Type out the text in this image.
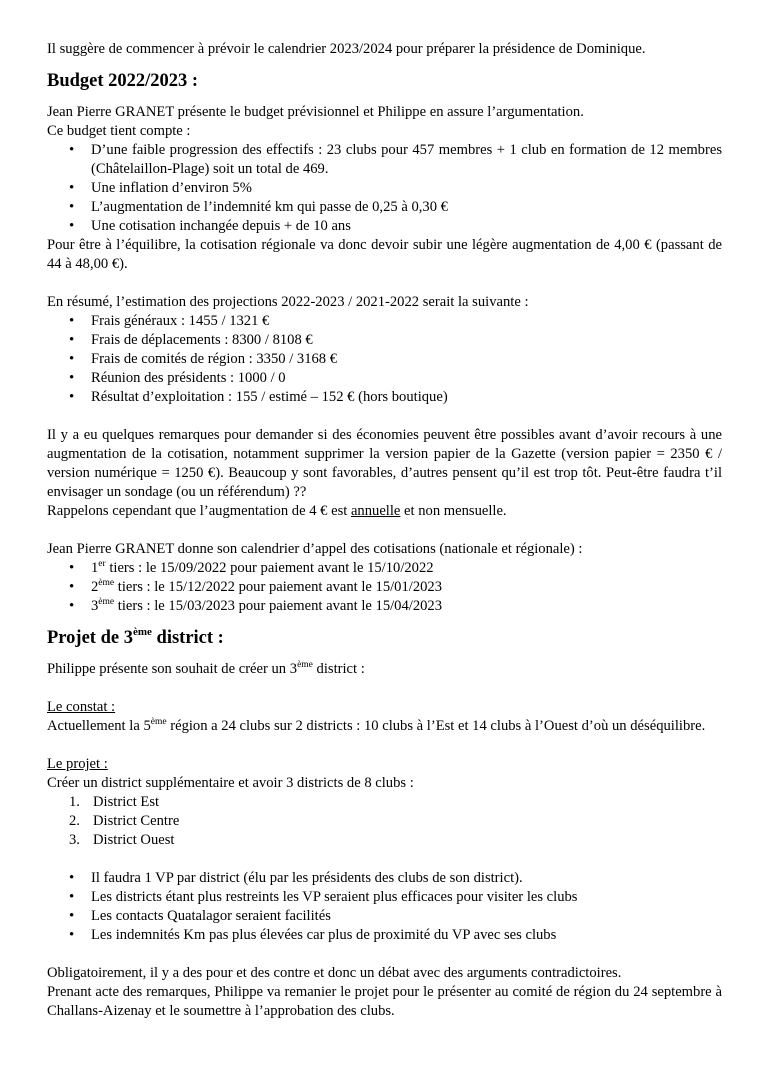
Il suggère de commencer à prévoir le calendrier 2023/2024 pour préparer la présidence de Dominique.

Budget 2022/2023 :

Jean Pierre GRANET présente le budget prévisionnel et Philippe en assure l’argumentation.

Ce budget tient compte :

• D’une faible progression des effectifs : 23 clubs pour 457 membres + 1 club en formation de 12 membres (Châtelaillon-Plage) soit un total de 469.
• Une inflation d’environ 5%
• L’augmentation de l’indemnité km qui passe de 0,25 à 0,30 €
• Une cotisation inchangée depuis + de 10 ans

Pour être à l’équilibre, la cotisation régionale va donc devoir subir une légère augmentation de 4,00 € (passant de 44 à 48,00 €).

En résumé, l’estimation des projections 2022-2023 / 2021-2022 serait la suivante :

• Frais généraux : 1455 / 1321 €
• Frais de déplacements : 8300 / 8108 €
• Frais de comités de région : 3350 / 3168 €
• Réunion des présidents : 1000 / 0
• Résultat d’exploitation : 155 / estimé – 152 € (hors boutique)

Il y a eu quelques remarques pour demander si des économies peuvent être possibles avant d’avoir recours à une augmentation de la cotisation, notamment supprimer la version papier de la Gazette (version papier = 2350 € / version numérique = 1250 €). Beaucoup y sont favorables, d’autres pensent qu’il est trop tôt. Peut-être faudra t’il envisager un sondage (ou un référendum) ??

Rappelons cependant que l’augmentation de 4 € est annuelle et non mensuelle.

Jean Pierre GRANET donne son calendrier d’appel des cotisations (nationale et régionale) :

• 1er tiers : le 15/09/2022 pour paiement avant le 15/10/2022
• 2ème tiers : le 15/12/2022 pour paiement avant le 15/01/2023
• 3ème tiers : le 15/03/2023 pour paiement avant le 15/04/2023
Projet de 3ème district :

Philippe présente son souhait de créer un 3ème district :

Le constat :

Actuellement la 5ème région a 24 clubs sur 2 districts : 10 clubs à l’Est et 14 clubs à l’Ouest d’où un déséquilibre.

Le projet :

Créer un district supplémentaire et avoir 3 districts de 8 clubs :

1. District Est
2. District Centre
3. District Ouest
• Il faudra 1 VP par district (élu par les présidents des clubs de son district).
• Les districts étant plus restreints les VP seraient plus efficaces pour visiter les clubs
• Les contacts Quatalagor seraient facilités
• Les indemnités Km pas plus élevées car plus de proximité du VP avec ses clubs

Obligatoirement, il y a des pour et des contre et donc un débat avec des arguments contradictoires.

Prenant acte des remarques, Philippe va remanier le projet pour le présenter au comité de région du 24 septembre à Challans-Aizenay et le soumettre à l’approbation des clubs.
